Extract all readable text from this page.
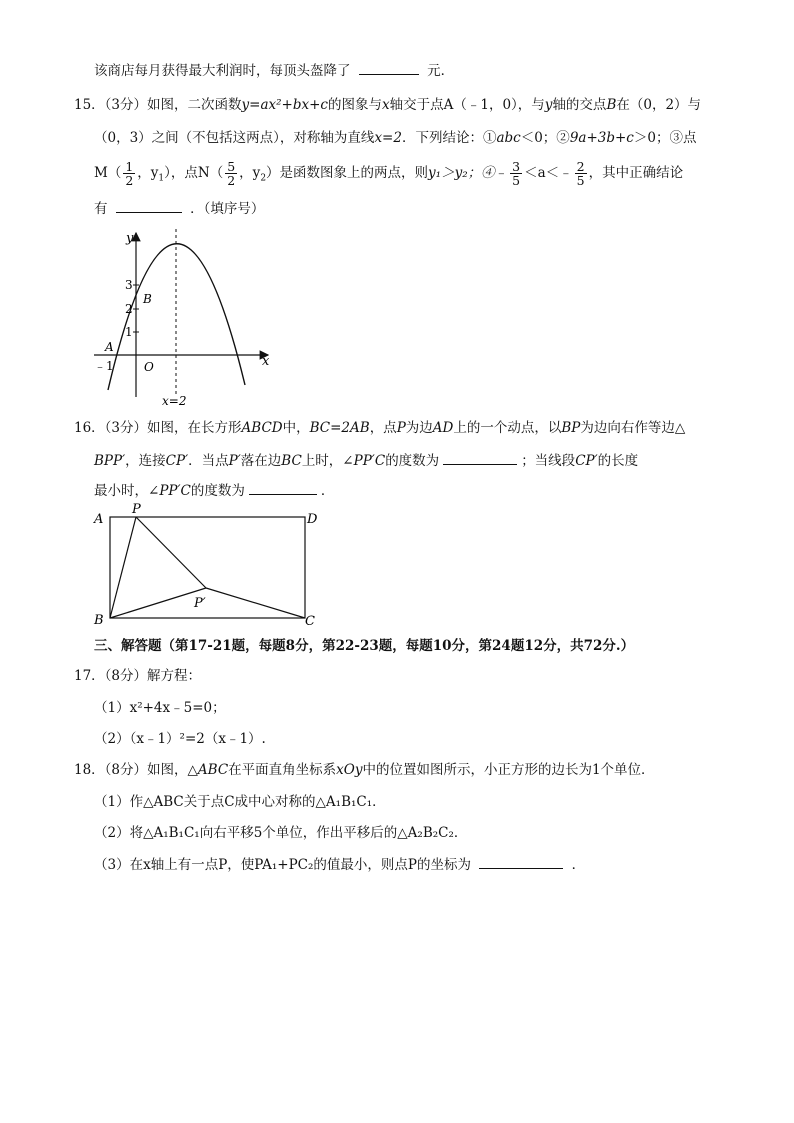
该商店每月获得最大利润时，每顶头盔降了	元．
15．（3分）如图，二次函数y=ax²+bx+c的图象与x轴交于点A（﹣1，0），与y轴的交点B在（0，2）与
（0，3）之间（不包括这两点），对称轴为直线x=2．下列结论：①abc＜0；②9a+3b+c＞0；③点
$M( \frac{1}{2}$ ，$y_1$），点$N( \frac{5}{2}$ ，$y_2$）是函数图象上的两点，则y₁＞y₂；④﹣ $\frac{3}{5}$ ＜a＜﹣ $\frac{2}{5}$ ，其中正确结论
有	．（填序号）
y
x
3
2
1
﹣1
A
B
O
x=2
16．（3分）如图，在长方形ABCD中，BC=2AB，点P为边AD上的一个动点，以BP为边向右作等边△
BPP′，连接CP′．当点P′落在边BC上时，∠PP′C的度数为	；当线段CP′的长度
最小时，∠PP′C的度数为	．
A
P
D
B
P′
C
三、解答题（第17-21题，每题8分，第22-23题，每题10分，第24题12分，共72分.）
17．（8分）解方程：
（1）x²+4x﹣5=0；
（2）（x﹣1）²=2（x﹣1）.
18．（8分）如图，△ABC在平面直角坐标系xOy中的位置如图所示，小正方形的边长为1个单位．
（1）作△ABC关于点C成中心对称的△A₁B₁C₁．
（2）将△A₁B₁C₁向右平移5个单位，作出平移后的△A₂B₂C₂．
（3）在x轴上有一点P，使PA₁+PC₂的值最小，则点P的坐标为	．
